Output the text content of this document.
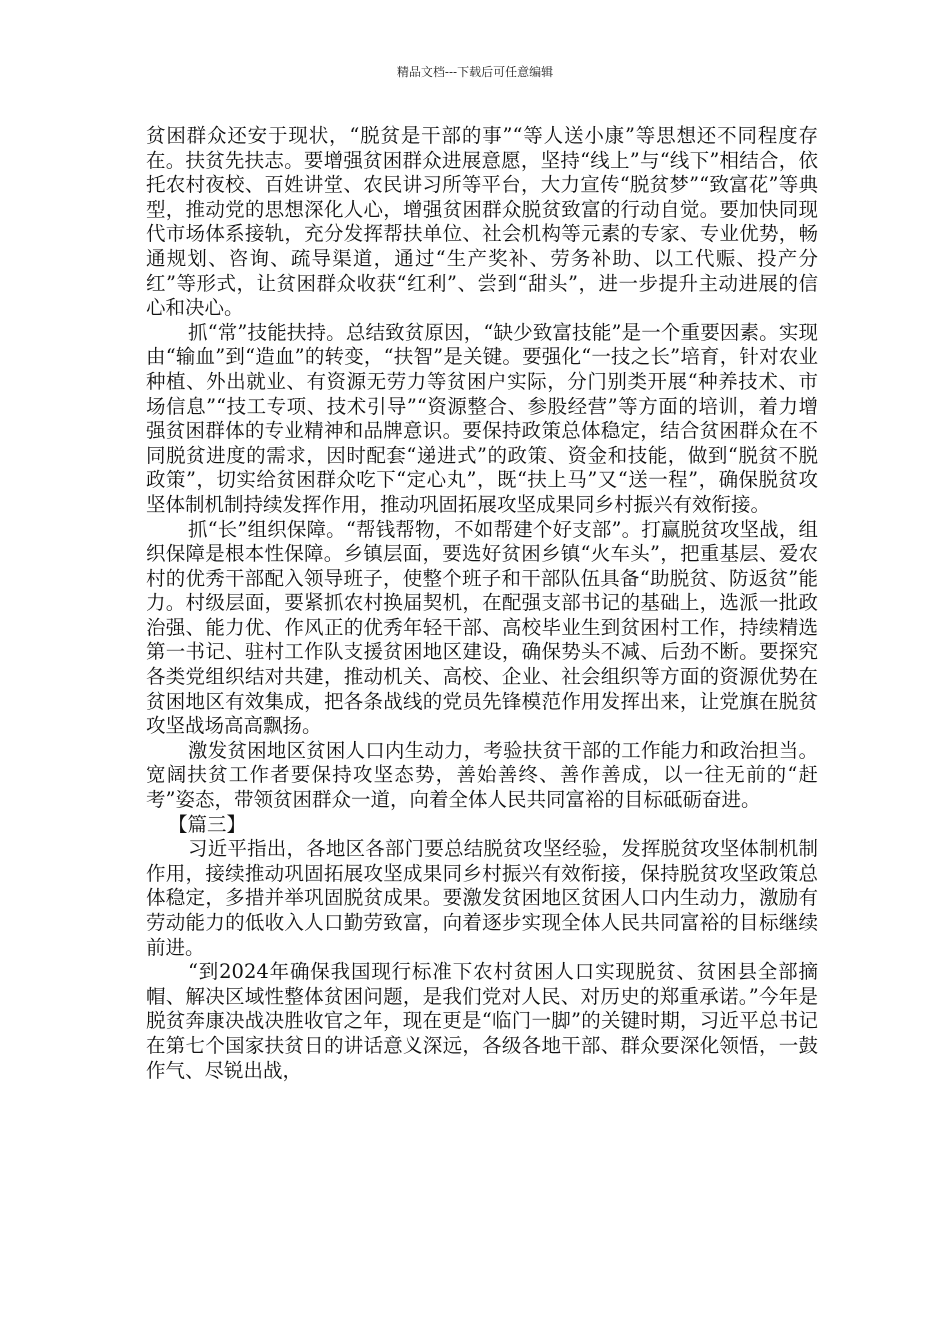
精品文档---下载后可任意编辑

贫困群众还安于现状，“脱贫是干部的事”“等人送小康”等思想还不同程度存在。扶贫先扶志。要增强贫困群众进展意愿，坚持“线上”与“线下”相结合，依托农村夜校、百姓讲堂、农民讲习所等平台，大力宣传“脱贫梦”“致富花”等典型，推动党的思想深化人心，增强贫困群众脱贫致富的行动自觉。要加快同现代市场体系接轨，充分发挥帮扶单位、社会机构等元素的专家、专业优势，畅通规划、咨询、疏导渠道，通过“生产奖补、劳务补助、以工代赈、投产分红”等形式，让贫困群众收获“红利”、尝到“甜头”，进一步提升主动进展的信心和决心。

抓“常”技能扶持。总结致贫原因，“缺少致富技能”是一个重要因素。实现由“输血”到“造血”的转变，“扶智”是关键。要强化“一技之长”培育，针对农业种植、外出就业、有资源无劳力等贫困户实际，分门别类开展“种养技术、市场信息”“技工专项、技术引导”“资源整合、参股经营”等方面的培训，着力增强贫困群体的专业精神和品牌意识。要保持政策总体稳定，结合贫困群众在不同脱贫进度的需求，因时配套“递进式”的政策、资金和技能，做到“脱贫不脱政策”，切实给贫困群众吃下“定心丸”，既“扶上马”又“送一程”，确保脱贫攻坚体制机制持续发挥作用，推动巩固拓展攻坚成果同乡村振兴有效衔接。

抓“长”组织保障。“帮钱帮物，不如帮建个好支部”。打赢脱贫攻坚战，组织保障是根本性保障。乡镇层面，要选好贫困乡镇“火车头”，把重基层、爱农村的优秀干部配入领导班子，使整个班子和干部队伍具备“助脱贫、防返贫”能力。村级层面，要紧抓农村换届契机，在配强支部书记的基础上，选派一批政治强、能力优、作风正的优秀年轻干部、高校毕业生到贫困村工作，持续精选第一书记、驻村工作队支援贫困地区建设，确保势头不减、后劲不断。要探究各类党组织结对共建，推动机关、高校、企业、社会组织等方面的资源优势在贫困地区有效集成，把各条战线的党员先锋模范作用发挥出来，让党旗在脱贫攻坚战场高高飘扬。

激发贫困地区贫困人口内生动力，考验扶贫干部的工作能力和政治担当。宽阔扶贫工作者要保持攻坚态势，善始善终、善作善成，以一往无前的“赶考”姿态，带领贫困群众一道，向着全体人民共同富裕的目标砥砺奋进。

【篇三】

习近平指出，各地区各部门要总结脱贫攻坚经验，发挥脱贫攻坚体制机制作用，接续推动巩固拓展攻坚成果同乡村振兴有效衔接，保持脱贫攻坚政策总体稳定，多措并举巩固脱贫成果。要激发贫困地区贫困人口内生动力，激励有劳动能力的低收入人口勤劳致富，向着逐步实现全体人民共同富裕的目标继续前进。

“到2024年确保我国现行标准下农村贫困人口实现脱贫、贫困县全部摘帽、解决区域性整体贫困问题，是我们党对人民、对历史的郑重承诺。”今年是脱贫奔康决战决胜收官之年，现在更是“临门一脚”的关键时期，习近平总书记在第七个国家扶贫日的讲话意义深远，各级各地干部、群众要深化领悟，一鼓作气、尽锐出战，
